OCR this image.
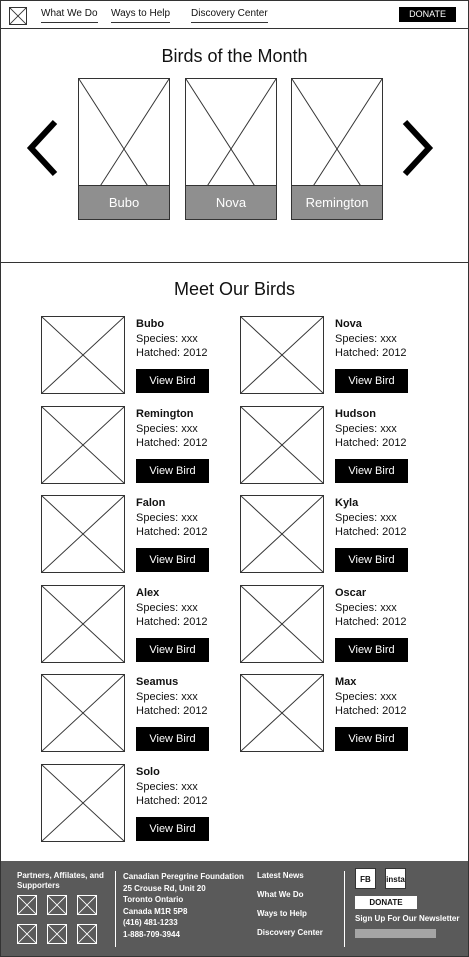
What We Do Ways to Help Discovery Center	DONATE
Birds of the Month
Bubo	Nova	Remington
Meet Our Birds
Bubo
Species: xxx
Hatched: 2012
View Bird
Nova
Species: xxx
Hatched: 2012
View Bird
Remington
Species: xxx
Hatched: 2012
View Bird
Hudson
Species: xxx
Hatched: 2012
View Bird
Falon
Species: xxx
Hatched: 2012
View Bird
Kyla
Species: xxx
Hatched: 2012
View Bird
Alex
Species: xxx
Hatched: 2012
View Bird
Oscar
Species: xxx
Hatched: 2012
View Bird
Seamus
Species: xxx
Hatched: 2012
View Bird
Max
Species: xxx
Hatched: 2012
View Bird
Solo
Species: xxx
Hatched: 2012
View Bird
Partners, Affilates, and Supporters
Canadian Peregrine Foundation
25 Crouse Rd, Unit 20
Toronto Ontario
Canada M1R 5P8
(416) 481-1233
1-888-709-3944
Latest News
What We Do
Ways to Help
Discovery Center
FB	insta
DONATE
Sign Up For Our Newsletter
